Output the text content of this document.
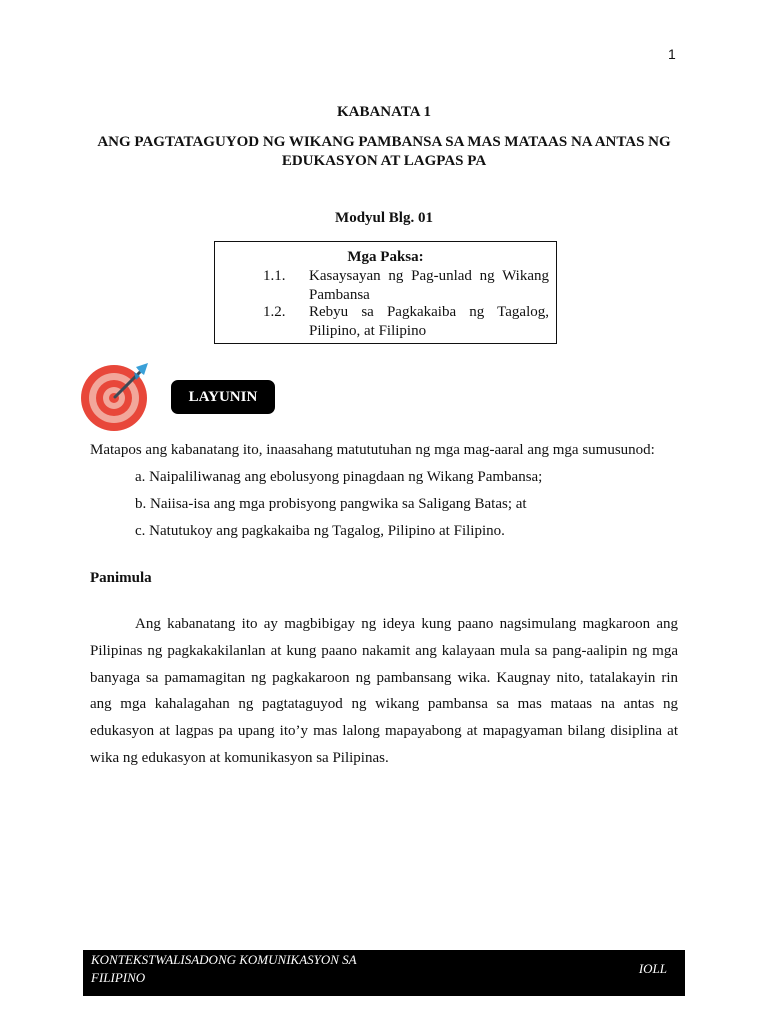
1
KABANATA 1
ANG PAGTATAGUYOD NG WIKANG PAMBANSA SA MAS MATAAS NA ANTAS NG EDUKASYON AT LAGPAS PA
Modyul Blg. 01
Mga Paksa:
1.1. Kasaysayan ng Pag-unlad ng Wikang Pambansa
1.2. Rebyu sa Pagkakaiba ng Tagalog, Pilipino, at Filipino
LAYUNIN
Matapos ang kabanatang ito, inaasahang matututuhan ng mga mag-aaral ang mga sumusunod:
a. Naipaliliwanag ang ebolusyong pinagdaan ng Wikang Pambansa;
b. Naiisa-isa ang mga probisyong pangwika sa Saligang Batas; at
c. Natutukoy ang pagkakaiba ng Tagalog, Pilipino at Filipino.
Panimula

Ang kabanatang ito ay magbibigay ng ideya kung paano nagsimulang magkaroon ang Pilipinas ng pagkakakilanlan at kung paano nakamit ang kalayaan mula sa pang-aalipin ng mga banyaga sa pamamagitan ng pagkakaroon ng pambansang wika. Kaugnay nito, tatalakayin rin ang mga kahalagahan ng pagtataguyod ng wikang pambansa sa mas mataas na antas ng edukasyon at lagpas pa upang ito’y mas lalong mapayabong at mapagyaman bilang disiplina at wika ng edukasyon at komunikasyon sa Pilipinas.

KONTEKSTWALISADONG KOMUNIKASYON SA FILIPINO
IOLL
